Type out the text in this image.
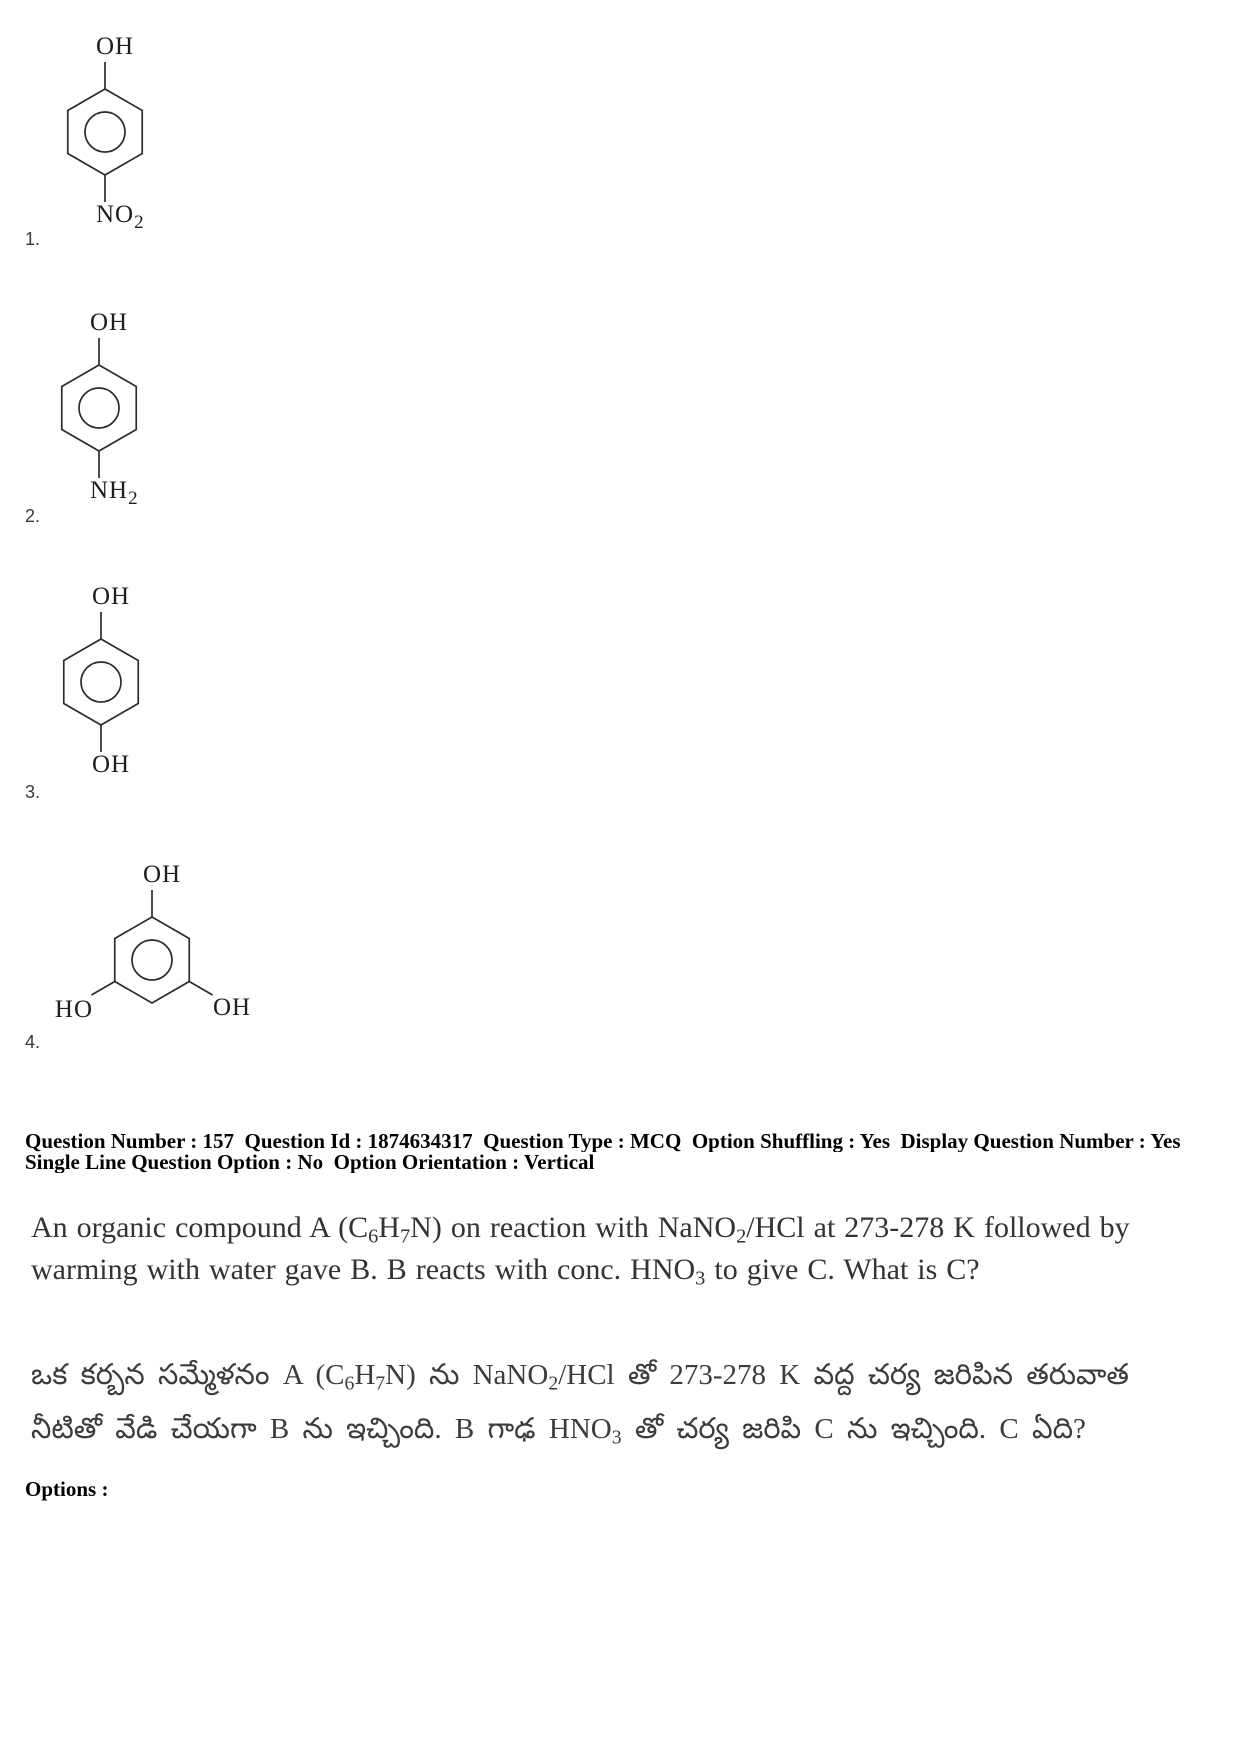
OH
$NO_2$
1.
OH
$NH_2$
2.
OH
OH
3.
OH
HO	OH
4.
Question Number : 157 Question Id : 1874634317 Question Type : MCQ Option Shuffling : Yes Display Question Number : Yes
Single Line Question Option : No Option Orientation : Vertical
An organic compound A $(C_6H_7N)$ on reaction with NaNO$_2$/HCl at 273-278 K followed by
warming with water gave B. B reacts with conc. $HNO_3$ to give C. What is C?
ఒక కర్బన సమ్మేళనం A $(C_6H_7N)$ ను NaNO$_2$/HCl తో 273-278 K వద్ద చర్య జరిపిన తరువాత
నీటితో వేడి చేయగా B ను ఇచ్చింది. B గాఢ $HNO_3$ తో చర్య జరిపి C ను ఇచ్చింది. C ఏది?
Options :
